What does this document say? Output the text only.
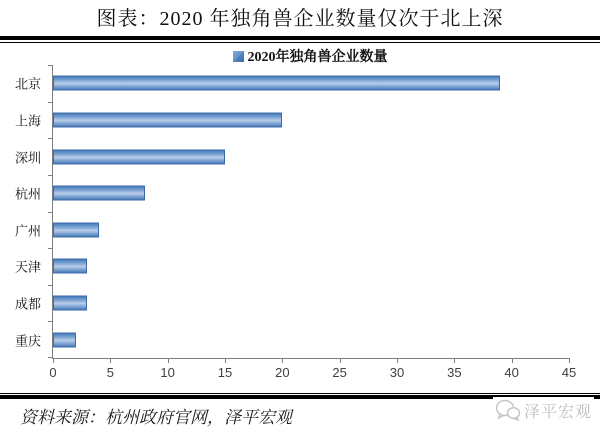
图表：2020 年独角兽企业数量仅次于北上深
2020年独角兽企业数量
北京
上海
深圳
杭州
广州
天津
成都
重庆
0	5	10	15	20	25	30	35	40	45
资料来源：杭州政府官网，泽平宏观	泽平宏观
